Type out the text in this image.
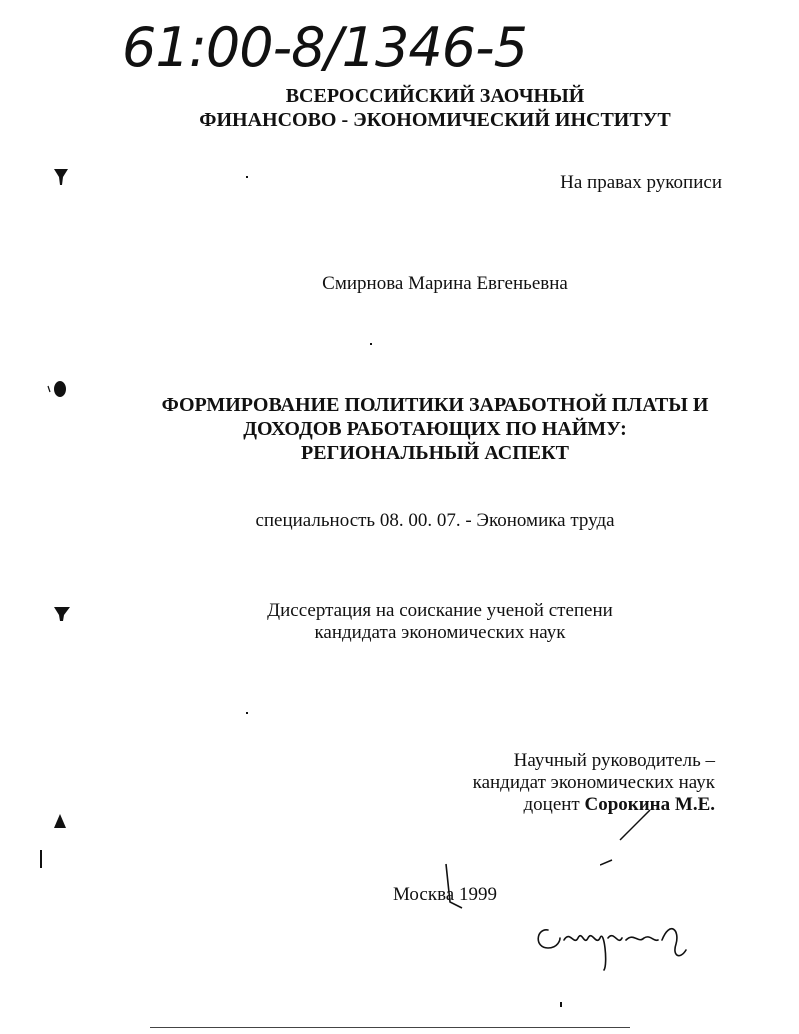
61:00-8/1346-5
ВСЕРОССИЙСКИЙ ЗАОЧНЫЙ
ФИНАНСОВО - ЭКОНОМИЧЕСКИЙ ИНСТИТУТ
На правах рукописи
Смирнова Марина Евгеньевна
ФОРМИРОВАНИЕ ПОЛИТИКИ ЗАРАБОТНОЙ ПЛАТЫ И
ДОХОДОВ РАБОТАЮЩИХ ПО НАЙМУ:
РЕГИОНАЛЬНЫЙ АСПЕКТ
специальность 08. 00. 07. - Экономика труда
Диссертация на соискание ученой степени
кандидата экономических наук
Научный руководитель –
кандидат экономических наук
доцент Сорокина М.Е.
Москва 1999
